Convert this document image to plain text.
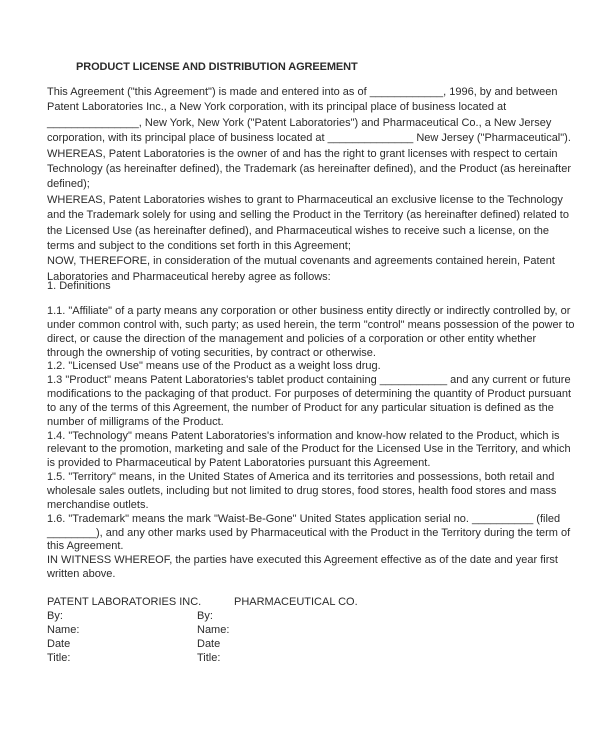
PRODUCT LICENSE AND DISTRIBUTION AGREEMENT
This Agreement ("this Agreement") is made and entered into as of ____________, 1996, by and between
Patent Laboratories Inc., a New York corporation, with its principal place of business located at
_______________, New York, New York ("Patent Laboratories") and Pharmaceutical Co., a New Jersey
corporation, with its principal place of business located at ______________ New Jersey ("Pharmaceutical").
WHEREAS, Patent Laboratories is the owner of and has the right to grant licenses with respect to certain
Technology (as hereinafter defined), the Trademark (as hereinafter defined), and the Product (as hereinafter
defined);
WHEREAS, Patent Laboratories wishes to grant to Pharmaceutical an exclusive license to the Technology
and the Trademark solely for using and selling the Product in the Territory (as hereinafter defined) related to
the Licensed Use (as hereinafter defined), and Pharmaceutical wishes to receive such a license, on the
terms and subject to the conditions set forth in this Agreement;
NOW, THEREFORE, in consideration of the mutual covenants and agreements contained herein, Patent
Laboratories and Pharmaceutical hereby agree as follows:
1. Definitions
1.1. "Affiliate" of a party means any corporation or other business entity directly or indirectly controlled by, or
under common control with, such party; as used herein, the term "control" means possession of the power to
direct, or cause the direction of the management and policies of a corporation or other entity whether
through the ownership of voting securities, by contract or otherwise.
1.2. "Licensed Use" means use of the Product as a weight loss drug.
1.3 "Product" means Patent Laboratories's tablet product containing ___________ and any current or future
modifications to the packaging of that product. For purposes of determining the quantity of Product pursuant
to any of the terms of this Agreement, the number of Product for any particular situation is defined as the
number of milligrams of the Product.
1.4. "Technology" means Patent Laboratories's information and know-how related to the Product, which is
relevant to the promotion, marketing and sale of the Product for the Licensed Use in the Territory, and which
is provided to Pharmaceutical by Patent Laboratories pursuant this Agreement.
1.5. "Territory" means, in the United States of America and its territories and possessions, both retail and
wholesale sales outlets, including but not limited to drug stores, food stores, health food stores and mass
merchandise outlets.
1.6. "Trademark" means the mark "Waist-Be-Gone" United States application serial no. __________ (filed
________), and any other marks used by Pharmaceutical with the Product in the Territory during the term of
this Agreement.
IN WITNESS WHEREOF, the parties have executed this Agreement effective as of the date and year first
written above.
PATENT LABORATORIES INC.
By:
Name:
Date
Title:
PHARMACEUTICAL CO.
By:
Name:
Date
Title:
